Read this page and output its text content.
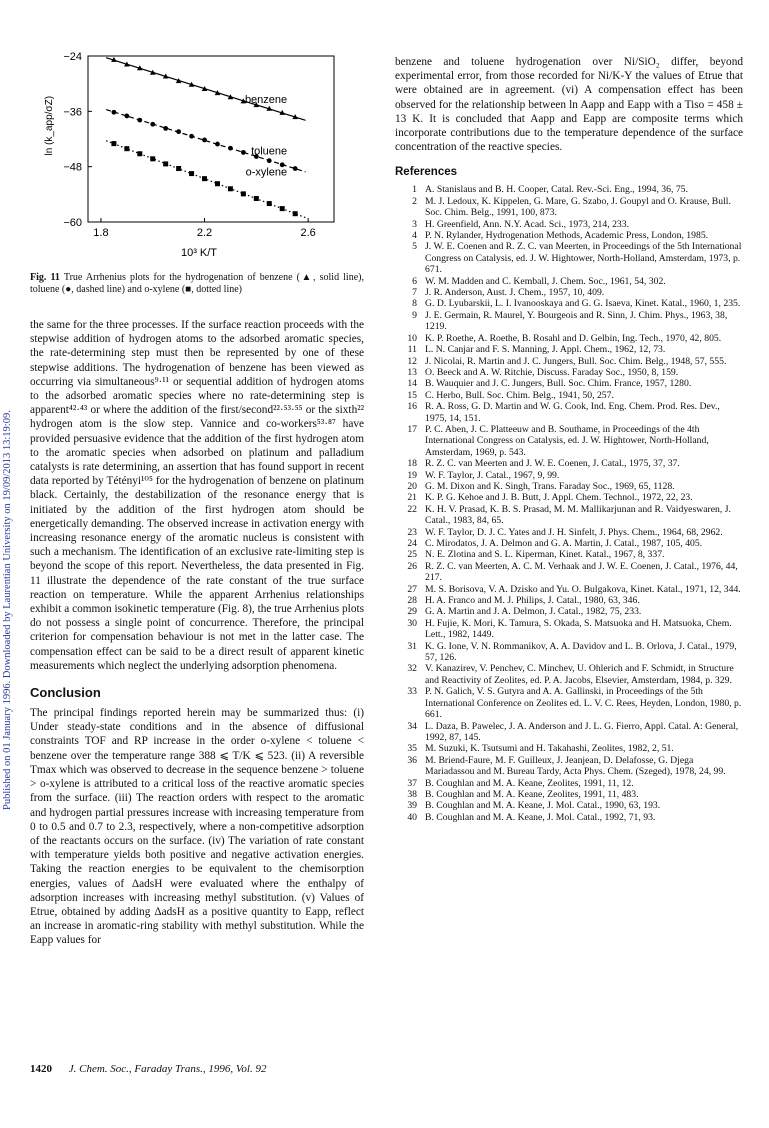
Published on 01 January 1996. Downloaded by Laurentian University on 19/09/2013 13:19:09.
1.8	2.2	2.6
−24
−36
−48
−60
10³ K/T
ln (k_app/σZ)	benzene
toluene
o-xylene
Fig. 11 True Arrhenius plots for the hydrogenation of benzene (▲, solid line), toluene (●, dashed line) and o-xylene (■, dotted line)

the same for the three processes. If the surface reaction proceeds with the stepwise addition of hydrogen atoms to the adsorbed aromatic species, the rate-determining step must then be represented by one of these stepwise additions. The hydrogenation of benzene has been viewed as occurring via simultaneous⁹·¹¹ or sequential addition of hydrogen atoms to the adsorbed aromatic species where no rate-determining step is apparent⁴²·⁴³ or where the addition of the first/second²²·⁵³·⁵⁵ or the sixth²² hydrogen atom is the slow step. Vannice and co-workers⁵³·⁸⁷ have provided persuasive evidence that the addition of the first hydrogen atom to the aromatic species when adsorbed on platinum and palladium catalysts is rate determining, an assertion that has found support in recent data reported by Tétényi¹⁰⁵ for the hydrogenation of benzene on platinum black. Certainly, the destabilization of the resonance energy that is initiated by the addition of the first hydrogen atom should be energetically demanding. The observed increase in activation energy with increasing resonance energy of the aromatic nucleus is consistent with such a mechanism. The identification of an exclusive rate-limiting step is beyond the scope of this report. Nevertheless, the data presented in Fig. 11 illustrate the dependence of the rate constant of the true surface reaction on temperature. While the apparent Arrhenius relationships exhibit a common isokinetic temperature (Fig. 8), the true Arrhenius plots do not possess a single point of concurrence. Therefore, the principal criterion for compensation behaviour is not met in the latter case. The compensation effect can be said to be a direct result of apparent kinetic measurements which neglect the underlying adsorption phenomena.

Conclusion

The principal findings reported herein may be summarized thus: (i) Under steady-state conditions and in the absence of diffusional constraints TOF and RP increase in the order o-xylene < toluene < benzene over the temperature range 388 ⩽ T/K ⩽ 523. (ii) A reversible Tmax which was observed to decrease in the sequence benzene > toluene > o-xylene is attributed to a critical loss of the reactive aromatic species from the surface. (iii) The reaction orders with respect to the aromatic and hydrogen partial pressures increase with increasing temperature from 0 to 0.5 and 0.7 to 2.3, respectively, where a non-competitive adsorption of the reactants occurs on the surface. (iv) The variation of rate constant with temperature yields both positive and negative activation energies. Taking the reaction energies to be equivalent to the chemisorption energies, values of ΔadsH were evaluated where the enthalpy of adsorption increases with increasing methyl substitution. (v) Values of Etrue, obtained by adding ΔadsH as a positive quantity to Eapp, reflect an increase in aromatic-ring stability with methyl substitution. While the Eapp values for

benzene and toluene hydrogenation over Ni/SiO₂ differ, beyond experimental error, from those recorded for Ni/K-Y the values of Etrue that were obtained are in agreement. (vi) A compensation effect has been observed for the relationship between ln Aapp and Eapp with a Tiso = 458 ± 13 K. It is concluded that Aapp and Eapp are composite terms which incorporate contributions due to the temperature dependence of the surface concentration of the reactive species.

References
1 A. Stanislaus and B. H. Cooper, Catal. Rev.-Sci. Eng., 1994, 36, 75.
2 M. J. Ledoux, K. Kippelen, G. Mare, G. Szabo, J. Goupyl and O. Krause, Bull. Soc. Chim. Belg., 1991, 100, 873.
3 H. Greenfield, Ann. N.Y. Acad. Sci., 1973, 214, 233.
4 P. N. Rylander, Hydrogenation Methods, Academic Press, London, 1985.
5 J. W. E. Coenen and R. Z. C. van Meerten, in Proceedings of the 5th International Congress on Catalysis, ed. J. W. Hightower, North-Holland, Amsterdam, 1973, p. 671.
6 W. M. Madden and C. Kemball, J. Chem. Soc., 1961, 54, 302.
7 J. R. Anderson, Aust. J. Chem., 1957, 10, 409.
8 G. D. Lyubarskii, L. I. Ivanooskaya and G. G. Isaeva, Kinet. Katal., 1960, 1, 235.
9 J. E. Germain, R. Maurel, Y. Bourgeois and R. Sinn, J. Chim. Phys., 1963, 38, 1219.
10 K. P. Roethe, A. Roethe, B. Rosahl and D. Gelbin, Ing. Tech., 1970, 42, 805.
11 L. N. Canjar and F. S. Manning, J. Appl. Chem., 1962, 12, 73.
12 J. Nicolai, R. Martin and J. C. Jungers, Bull. Soc. Chim. Belg., 1948, 57, 555.
13 O. Beeck and A. W. Ritchie, Discuss. Faraday Soc., 1950, 8, 159.
14 B. Wauquier and J. C. Jungers, Bull. Soc. Chim. France, 1957, 1280.
15 C. Herbo, Bull. Soc. Chim. Belg., 1941, 50, 257.
16 R. A. Ross, G. D. Martin and W. G. Cook, Ind. Eng. Chem. Prod. Res. Dev., 1975, 14, 151.
17 P. C. Aben, J. C. Platteeuw and B. Southame, in Proceedings of the 4th International Congress on Catalysis, ed. J. W. Hightower, North-Holland, Amsterdam, 1969, p. 543.
18 R. Z. C. van Meerten and J. W. E. Coenen, J. Catal., 1975, 37, 37.
19 W. F. Taylor, J. Catal., 1967, 9, 99.
20 G. M. Dixon and K. Singh, Trans. Faraday Soc., 1969, 65, 1128.
21 K. P. G. Kehoe and J. B. Butt, J. Appl. Chem. Technol., 1972, 22, 23.
22 K. H. V. Prasad, K. B. S. Prasad, M. M. Mallikarjunan and R. Vaidyeswaren, J. Catal., 1983, 84, 65.
23 W. F. Taylor, D. J. C. Yates and J. H. Sinfelt, J. Phys. Chem., 1964, 68, 2962.
24 C. Mirodatos, J. A. Delmon and G. A. Martin, J. Catal., 1987, 105, 405.
25 N. E. Zlotina and S. L. Kiperman, Kinet. Katal., 1967, 8, 337.
26 R. Z. C. van Meerten, A. C. M. Verhaak and J. W. E. Coenen, J. Catal., 1976, 44, 217.
27 M. S. Borisova, V. A. Dzisko and Yu. O. Bulgakova, Kinet. Katal., 1971, 12, 344.
28 H. A. Franco and M. J. Philips, J. Catal., 1980, 63, 346.
29 G. A. Martin and J. A. Delmon, J. Catal., 1982, 75, 233.
30 H. Fujie, K. Mori, K. Tamura, S. Okada, S. Matsuoka and H. Matsuoka, Chem. Lett., 1982, 1449.
31 K. G. Ione, V. N. Rommanikov, A. A. Davidov and L. B. Orlova, J. Catal., 1979, 57, 126.
32 V. Kanazirev, V. Penchev, C. Minchev, U. Ohlerich and F. Schmidt, in Structure and Reactivity of Zeolites, ed. P. A. Jacobs, Elsevier, Amsterdam, 1984, p. 329.
33 P. N. Galich, V. S. Gutyra and A. A. Gallinski, in Proceedings of the 5th International Conference on Zeolites ed. L. V. C. Rees, Heyden, London, 1980, p. 661.
34 L. Daza, B. Pawelec, J. A. Anderson and J. L. G. Fierro, Appl. Catal. A: General, 1992, 87, 145.
35 M. Suzuki, K. Tsutsumi and H. Takahashi, Zeolites, 1982, 2, 51.
36 M. Briend-Faure, M. F. Guilleux, J. Jeanjean, D. Delafosse, G. Djega Mariadassou and M. Bureau Tardy, Acta Phys. Chem. (Szeged), 1978, 24, 99.
37 B. Coughlan and M. A. Keane, Zeolites, 1991, 11, 12.
38 B. Coughlan and M. A. Keane, Zeolites, 1991, 11, 483.
39 B. Coughlan and M. A. Keane, J. Mol. Catal., 1990, 63, 193.
40 B. Coughlan and M. A. Keane, J. Mol. Catal., 1992, 71, 93.
1420 J. Chem. Soc., Faraday Trans., 1996, Vol. 92
